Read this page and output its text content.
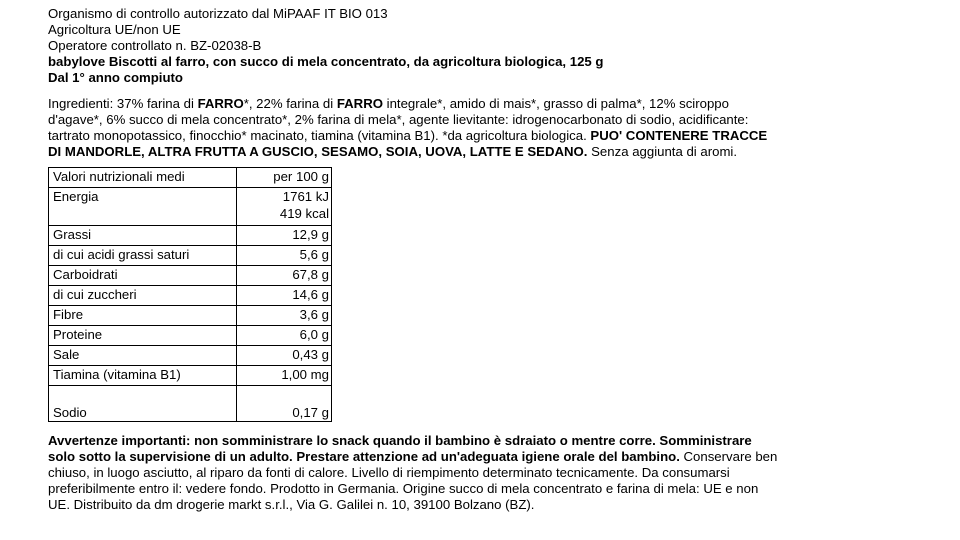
Organismo di controllo autorizzato dal MiPAAF IT BIO 013
Agricoltura UE/non UE
Operatore controllato n. BZ-02038-B
babylove Biscotti al farro, con succo di mela concentrato, da agricoltura biologica, 125 g
Dal 1° anno compiuto
Ingredienti: 37% farina di FARRO*, 22% farina di FARRO integrale*, amido di mais*, grasso di palma*, 12% sciroppo
d'agave*, 6% succo di mela concentrato*, 2% farina di mela*, agente lievitante: idrogenocarbonato di sodio, acidificante:
tartrato monopotassico, finocchio* macinato, tiamina (vitamina B1). *da agricoltura biologica. PUO' CONTENERE TRACCE
DI MANDORLE, ALTRA FRUTTA A GUSCIO, SESAMO, SOIA, UOVA, LATTE E SEDANO. Senza aggiunta di aromi.
Valori nutrizionali medi	per 100 g
Energia	1761 kJ
419 kcal

Grassi	12,9 g
di cui acidi grassi saturi	5,6 g
Carboidrati	67,8 g
di cui zuccheri	14,6 g
Fibre	3,6 g
Proteine	6,0 g
Sale	0,43 g
Tiamina (vitamina B1)	1,00 mg
Sodio	0,17 g
Avvertenze importanti: non somministrare lo snack quando il bambino è sdraiato o mentre corre. Somministrare
solo sotto la supervisione di un adulto. Prestare attenzione ad un'adeguata igiene orale del bambino. Conservare ben
chiuso, in luogo asciutto, al riparo da fonti di calore. Livello di riempimento determinato tecnicamente. Da consumarsi
preferibilmente entro il: vedere fondo. Prodotto in Germania. Origine succo di mela concentrato e farina di mela: UE e non
UE. Distribuito da dm drogerie markt s.r.l., Via G. Galilei n. 10, 39100 Bolzano (BZ).
